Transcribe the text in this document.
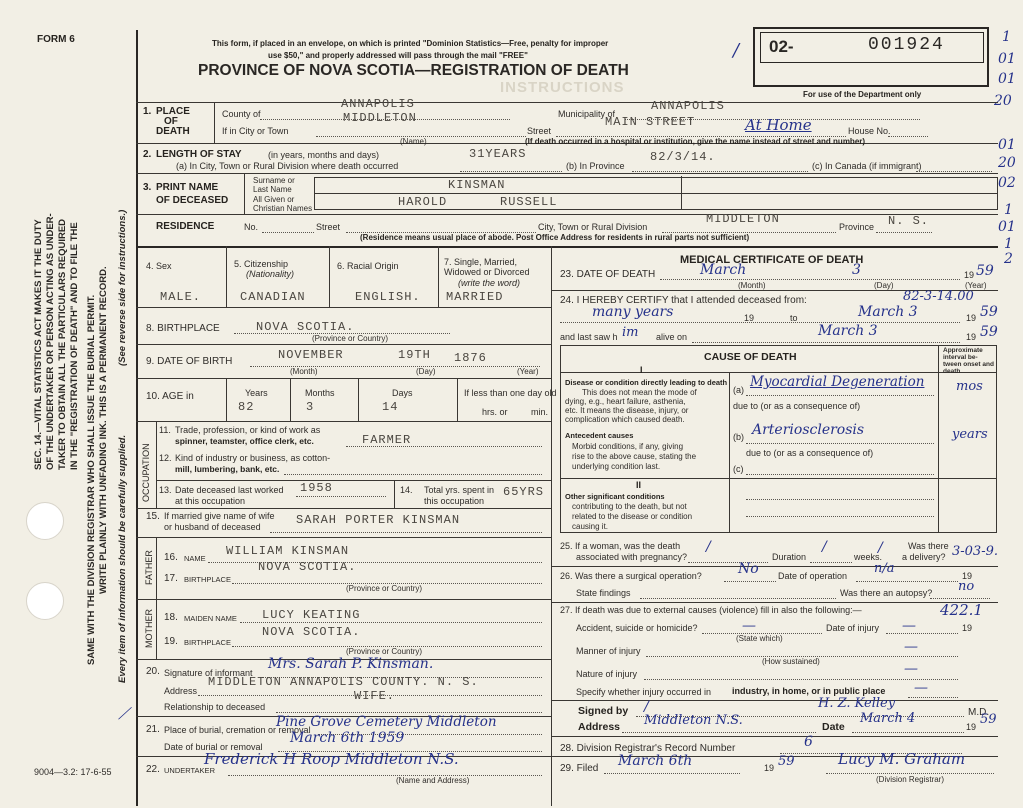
FORM 6	This form, if placed in an envelope, on which is printed "Dominion Statistics—Free, penalty for improper
use $50," and properly addressed will pass through the mail "FREE"
INSTRUCTIONS
PROVINCE OF NOVA SCOTIA—REGISTRATION OF DEATH
02-	001924
For use of the Department only
/
1
01
01
20
01
20
02
1
01
1
2
SEC. 14.—VITAL STATISTICS ACT MAKES IT THE DUTY OF THE UNDERTAKER OR PERSON ACTING AS UNDER- TAKER TO OBTAIN ALL THE PARTICULARS REQUIRED IN THE "REGISTRATION OF DEATH" AND TO FILE THE SAME WITH THE DIVISION REGISTRAR WHO SHALL ISSUE THE BURIAL PERMIT. WRITE PLAINLY WITH UNFADING INK. THIS IS A PERMANENT RECORD. Every item of information should be carefully supplied.
(See reverse side for instructions.)
⟋
1. PLACE
OF
DEATH
County of
ANNAPOLIS
Municipality of
ANNAPOLIS
If in City or Town
MIDDLETON
Street
MAIN STREET	At Home	House No.
(Name)	(If death occurred in a hospital or institution, give the name instead of street and number)
2. LENGTH OF STAY	(in years, months and days)
(a) In City, Town or Rural Division where death occurred
31YEARS
(b) In Province
82/3/14.
(c) In Canada (if immigrant)
3. PRINT NAME
OF DECEASED
Surname or Last Name
All Given or Christian Names
KINSMAN
HAROLD	RUSSELL
RESIDENCE	No.	Street	City, Town or Rural Division
MIDDLETON
Province N. S.
(Residence means usual place of abode. Post Office Address for residents in rural parts not sufficient)
4. Sex
MALE.
5. Citizenship
(Nationality)
CANADIAN
6. Racial Origin
ENGLISH.
7. Single, Married,
Widowed or Divorced
(write the word)
MARRIED
8. BIRTHPLACE	NOVA SCOTIA.
(Province or Country)
9. DATE OF BIRTH	NOVEMBER	19TH 1876
(Month)	(Day)	(Year)
10. AGE in	Years	Months	Days
82	3	14
If less than one day old
hrs. or	min.
OCCUPATION
11. Trade, profession, or kind of work as
spinner, teamster, office clerk, etc.	FARMER
12. Kind of industry or business, as cotton-
mill, lumbering, bank, etc.
13. Date deceased last worked
at this occupation
1958	14. Total yrs. spent in
this occupation
65YRS
15. If married give name of wife
or husband of deceased	SARAH PORTER KINSMAN
FATHER 16. NAME
WILLIAM KINSMAN
17. BIRTHPLACE
NOVA SCOTIA.
(Province or Country)
MOTHER 18. MAIDEN NAME LUCY KEATING
19. BIRTHPLACE
NOVA SCOTIA.
(Province or Country)
20. Signature of informant
Mrs. Sarah P. Kinsman.
Address
MIDDLETON ANNAPOLIS COUNTY. N. S.
Relationship to deceased
WIFE.
21. Place of burial, cremation or removal
Pine Grove Cemetery Middleton
Date of burial or removal
March 6th 1959
22. UNDERTAKER
Frederick H Roop Middleton N.S.
(Name and Address)
9004—3.2: 17-6-55
MEDICAL CERTIFICATE OF DEATH
23. DATE OF DEATH	March	3	19 59
(Month)	(Day)	(Year)
24. I HEREBY CERTIFY that I attended deceased from:	82-3-14.00
many years	19	to	March 3	19 59
and last saw h im alive on	March 3	19 59
CAUSE OF DEATH
Approximate interval be-tween onset and death
I
Disease or condition directly leading to death
This does not mean the mode of
dying, e.g., heart failure, asthenia,
etc. It means the disease, injury, or
complication which caused death.
(a) Myocardial Degeneration mos
due to (or as a consequence of)
Antecedent causes
Morbid conditions, if any, giving
rise to the above cause, stating the
underlying condition last.
(b) Arteriosclerosis	years
due to (or as a consequence of)
(c)
II
Other significant conditions
contributing to the death, but not
related to the disease or condition
causing it.
25. If a woman, was the death
associated with pregnancy?
/
Duration
/
weeks.
/	Was there
a delivery? 3-03-9.
26. Was there a surgical operation?	No Date of operation n/a	19
State findings	Was there an autopsy? no
27. If death was due to external causes (violence) fill in also the following:—	422.1
Accident, suicide or homicide?	—
(State which)
Date of injury	19
—
Manner of injury	—
(How sustained)
Nature of injury	—
Specify whether injury occurred in industry, in home, or in public place —
Signed by /	H. Z. Kelley
M.D.
Address Middleton N.S.	Date
March 4
19 59
28. Division Registrar's Record Number	6
29. Filed March 6th	19 59	Lucy M. Graham
(Division Registrar)
